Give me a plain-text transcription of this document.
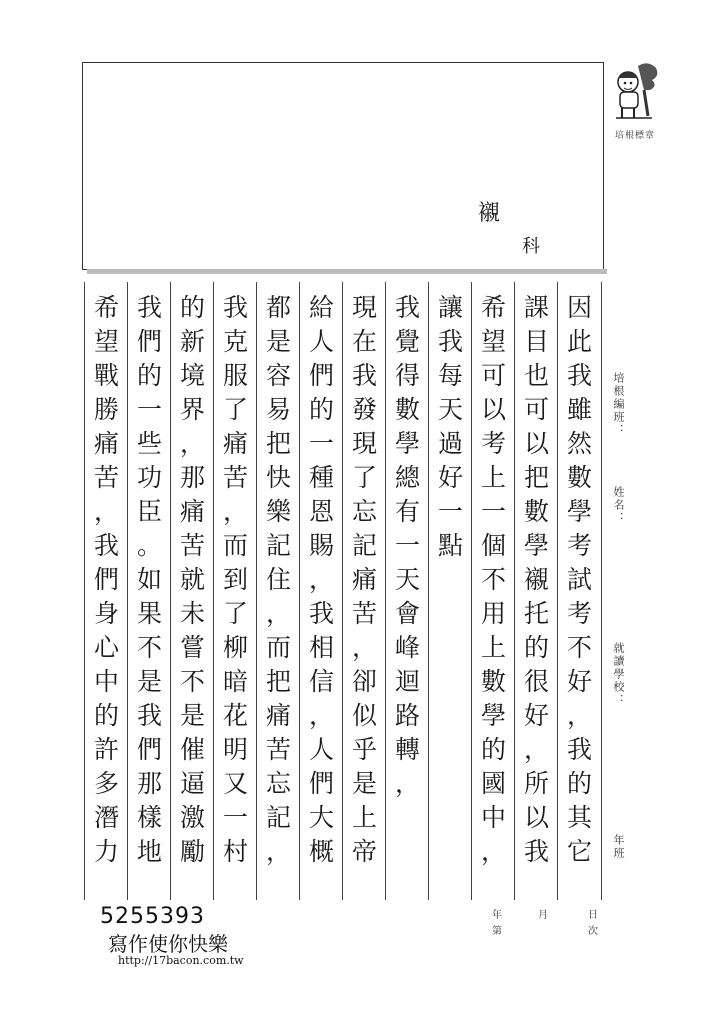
襯
科
培根標章
因
此
我
雖
然
數
學
考
試
考
不
好
，
我
的
其
它
課
目
也
可
以
把
數
學
襯
托
的
很
好
，
所
以
我
希
望
可
以
考
上
一
個
不
用
上
數
學
的
國
中
，
讓
我
每
天
過
好
一
點
我
覺
得
數
學
總
有
一
天
會
峰
迴
路
轉
，
現
在
我
發
現
了
忘
記
痛
苦
，
卻
似
乎
是
上
帝
給
人
們
的
一
種
恩
賜
，
我
相
信
，
人
們
大
概
都
是
容
易
把
快
樂
記
住
，
而
把
痛
苦
忘
記
，
我
克
服
了
痛
苦
，
而
到
了
柳
暗
花
明
又
一
村
的
新
境
界
，
那
痛
苦
就
未
嘗
不
是
催
逼
激
勵
我
們
的
一
些
功
臣
。
如
果
不
是
我
們
那
樣
地
希
望
戰
勝
痛
苦
，
我
們
身
心
中
的
許
多
潛
力
培根編班：
姓名：
就讀學校：
年班
年	月	日
第	次
5255393
寫作使你快樂
http://17bacon.com.tw
